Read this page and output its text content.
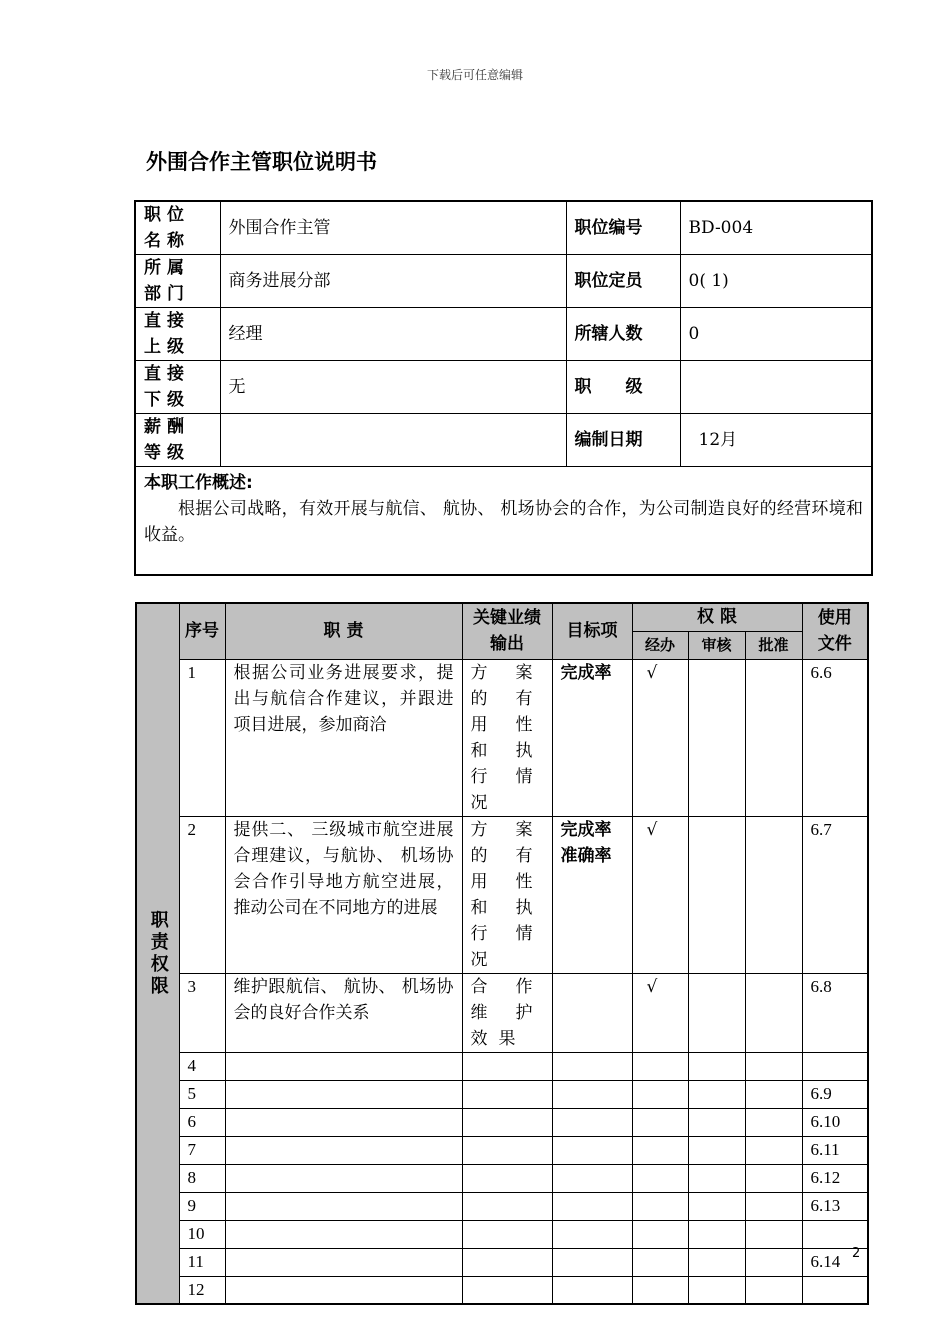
下载后可任意编辑
外围合作主管职位说明书
职位名称	外围合作主管	职位编号	BD-004
所属部门	商务进展分部	职位定员	0( 1)
直接上级	经理	所辖人数	0
直接下级	无	职　　级	
薪酬等级		编制日期	12月

本职工作概述:
根据公司战略，有效开展与航信、 航协、 机场协会的合作，为公司制造良好的经营环境和收益。			
职责权限	序号	职 责	关键业绩输出	目标项	权 限			使用文件
					经办	审核	批准	
	1	根据公司业务进展要求，提出与航信合作建议，并跟进项目进展，参加商洽	方案的有用性和执行情况	完成率	√			6.6
	2	提供二、 三级城市航空进展合理建议，与航协、 机场协会合作引导地方航空进展，推动公司在不同地方的进展	方案的有用性和执行情况	完成率准确率	√			6.7
	3	维护跟航信、 航协、 机场协会的良好合作关系	合作维护效果		√			6.8
	4							
	5							6.9
	6							6.10
	7							6.11
	8							6.12
	9							6.13
	10							
	11							6.14
	12							
2
